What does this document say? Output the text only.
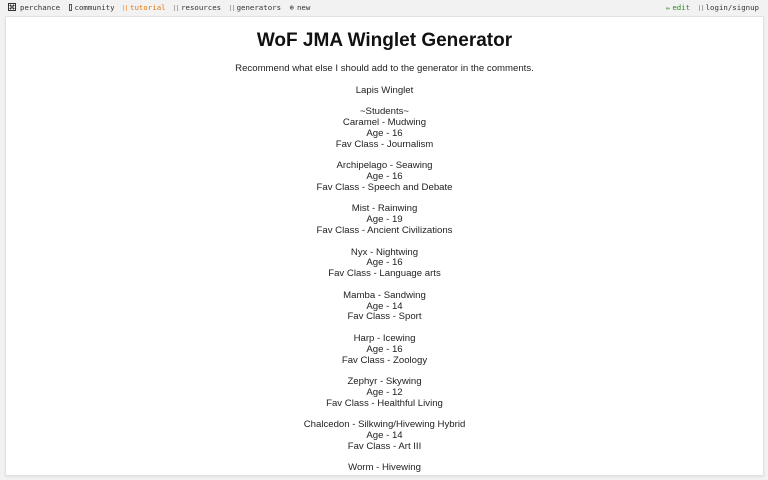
perchance community tutorial resources generators ⊕ new	✏ edit login/signup
WoF JMA Winglet Generator
Recommend what else I should add to the generator in the comments.
Lapis Winglet
~Students~
Caramel - Mudwing
Age - 16
Fav Class - Journalism
Archipelago - Seawing
Age - 16
Fav Class - Speech and Debate
Mist - Rainwing
Age - 19
Fav Class - Ancient Civilizations
Nyx - Nightwing
Age - 16
Fav Class - Language arts
Mamba - Sandwing
Age - 14
Fav Class - Sport
Harp - Icewing
Age - 16
Fav Class - Zoology
Zephyr - Skywing
Age - 12
Fav Class - Healthful Living
Chalcedon - Silkwing/Hivewing Hybrid
Age - 14
Fav Class - Art III
Worm - Hivewing
